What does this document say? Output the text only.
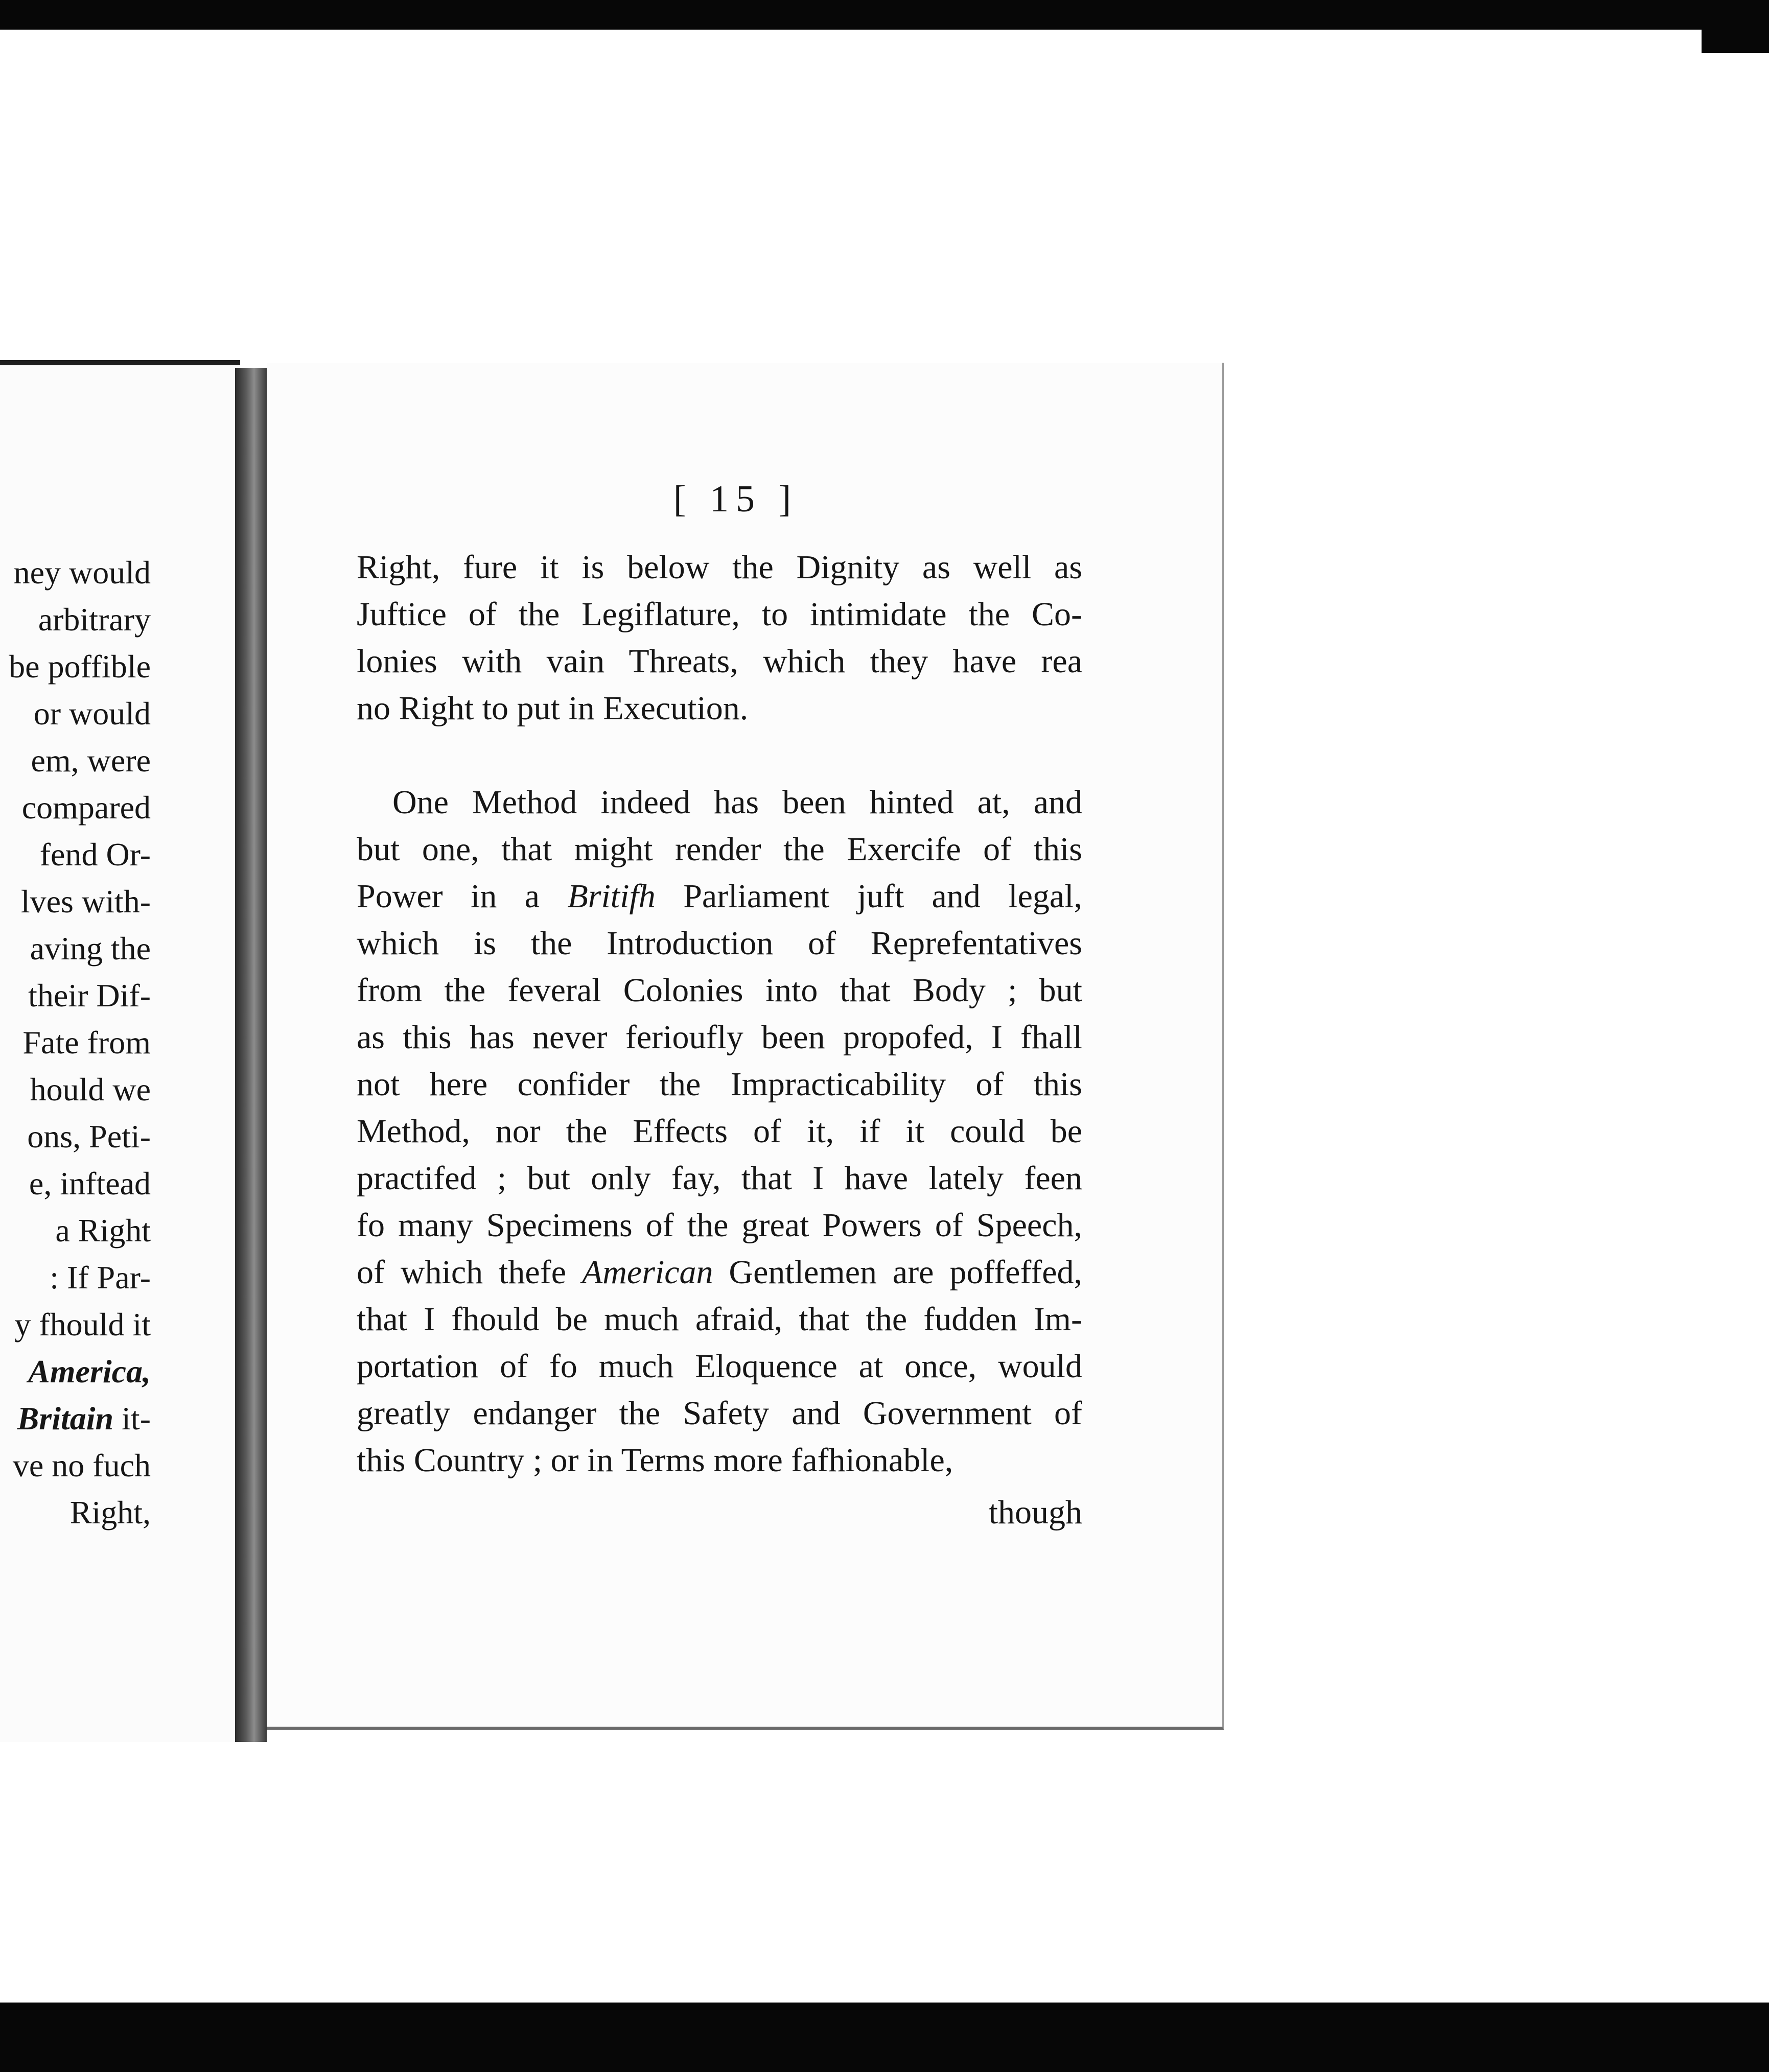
ney would
arbitrary
be poffible
or would
em, were
compared
fend Or-
lves with-
aving the
their Dif-
Fate from
hould we
ons, Peti-
e, inftead
a Right
: If Par-
y fhould it
America,
Britain it-
ve no fuch
Right,
[ 15 ]
Right, fure it is below the Dignity as well as
Juftice of the Legiflature, to intimidate the Co-
lonies with vain Threats, which they have rea
no Right to put in Execution.
One Method indeed has been hinted at, and
but one, that might render the Exercife of this
Power in a Britifh Parliament juft and legal,
which is the Introduction of Reprefentatives
from the feveral Colonies into that Body ; but
as this has never ferioufly been propofed, I fhall
not here confider the Impracticability of this
Method, nor the Effects of it, if it could be
practifed ; but only fay, that I have lately feen
fo many Specimens of the great Powers of Speech,
of which thefe American Gentlemen are poffeffed,
that I fhould be much afraid, that the fudden Im-
portation of fo much Eloquence at once, would
greatly endanger the Safety and Government of
this Country ; or in Terms more fafhionable,
though
